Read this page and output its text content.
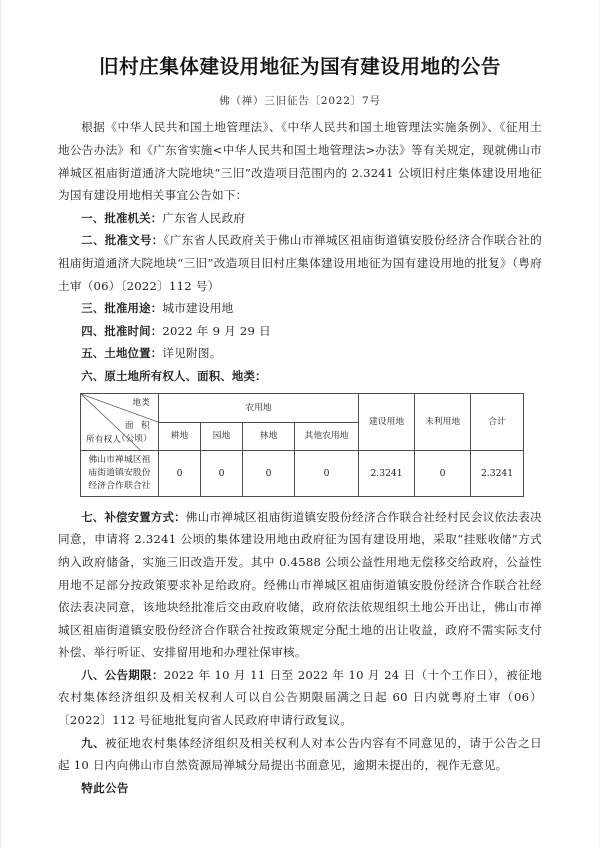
旧村庄集体建设用地征为国有建设用地的公告
佛（禅）三旧征告〔2022〕7号

根据《中华人民共和国土地管理法》、《中华人民共和国土地管理法实施条例》、《征用土地公告办法》和《广东省实施<中华人民共和国土地管理法>办法》等有关规定，现就佛山市禅城区祖庙街道通济大院地块“三旧”改造项目范围内的 2.3241 公顷旧村庄集体建设用地征为国有建设用地相关事宜公告如下：

一、批准机关：广东省人民政府

二、批准文号：《广东省人民政府关于佛山市禅城区祖庙街道镇安股份经济合作联合社的祖庙街道通济大院地块“三旧”改造项目旧村庄集体建设用地征为国有建设用地的批复》（粤府土审（06）〔2022〕112 号）

三、批准用途：城市建设用地

四、批准时间：2022 年 9 月 29 日

五、土地位置：详见附图。

六、原土地所有权人、面积、地类：

地类
面 积
（公顷）
所有权人	农用地				建设用地	未利用地	合计
	耕地	园地	林地	其他农用地			
佛山市禅城区祖庙街道镇安股份经济合作联合社	0	0	0	0	2.3241	0	2.3241

七、补偿安置方式：佛山市禅城区祖庙街道镇安股份经济合作联合社经村民会议依法表决同意，申请将 2.3241 公顷的集体建设用地由政府征为国有建设用地，采取“挂账收储”方式纳入政府储备，实施三旧改造开发。其中 0.4588 公顷公益性用地无偿移交给政府，公益性用地不足部分按政策要求补足给政府。经佛山市禅城区祖庙街道镇安股份经济合作联合社经依法表决同意，该地块经批准后交由政府收储，政府依法依规组织土地公开出让，佛山市禅城区祖庙街道镇安股份经济合作联合社按政策规定分配土地的出让收益，政府不需实际支付补偿、举行听证、安排留用地和办理社保审核。

八、公告期限：2022 年 10 月 11 日至 2022 年 10 月 24 日（十个工作日），被征地农村集体经济组织及相关权利人可以自公告期限届满之日起 60 日内就粤府土审（06）〔2022〕112 号征地批复向省人民政府申请行政复议。

九、被征地农村集体经济组织及相关权利人对本公告内容有不同意见的，请于公告之日起 10 日内向佛山市自然资源局禅城分局提出书面意见，逾期未提出的，视作无意见。

特此公告
